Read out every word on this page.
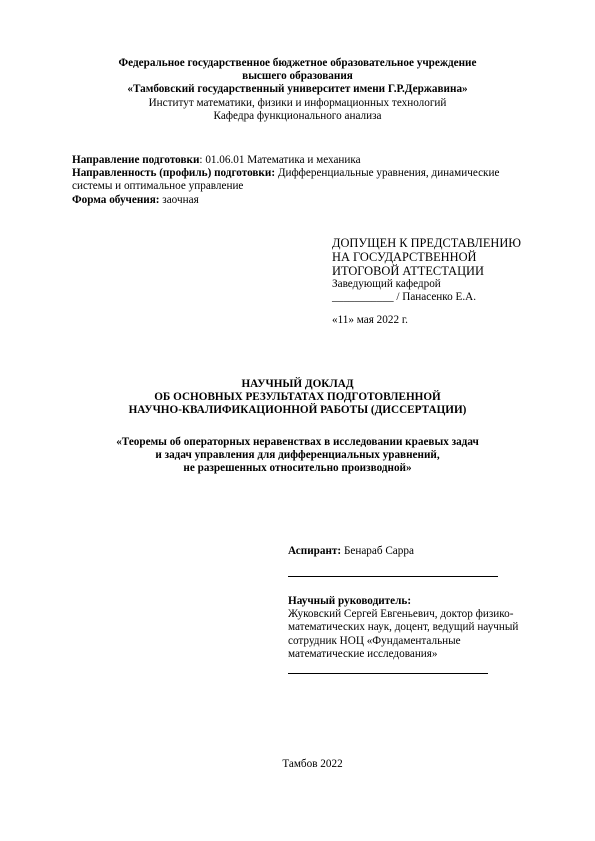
Федеральное государственное бюджетное образовательное учреждение
высшего образования
«Тамбовский государственный университет имени Г.Р.Державина»
Институт математики, физики и информационных технологий
Кафедра функционального анализа
Направление подготовки: 01.06.01 Математика и механика
Направленность (профиль) подготовки: Дифференциальные уравнения, динамические
системы и оптимальное управление
Форма обучения: заочная
ДОПУЩЕН К ПРЕДСТАВЛЕНИЮ
НА ГОСУДАРСТВЕННОЙ
ИТОГОВОЙ АТТЕСТАЦИИ
Заведующий кафедрой
___________ / Панасенко Е.А.
«11» мая 2022 г.
НАУЧНЫЙ ДОКЛАД
ОБ ОСНОВНЫХ РЕЗУЛЬТАТАХ ПОДГОТОВЛЕННОЙ
НАУЧНО-КВАЛИФИКАЦИОННОЙ РАБОТЫ (ДИССЕРТАЦИИ)
«Теоремы об операторных неравенствах в исследовании краевых задач
и задач управления для дифференциальных уравнений,
не разрешенных относительно производной»
Аспирант: Бенараб Сарра
Научный руководитель:
Жуковский Сергей Евгеньевич, доктор физико-
математических наук, доцент, ведущий научный
сотрудник НОЦ «Фундаментальные
математические исследования»
Тамбов 2022
